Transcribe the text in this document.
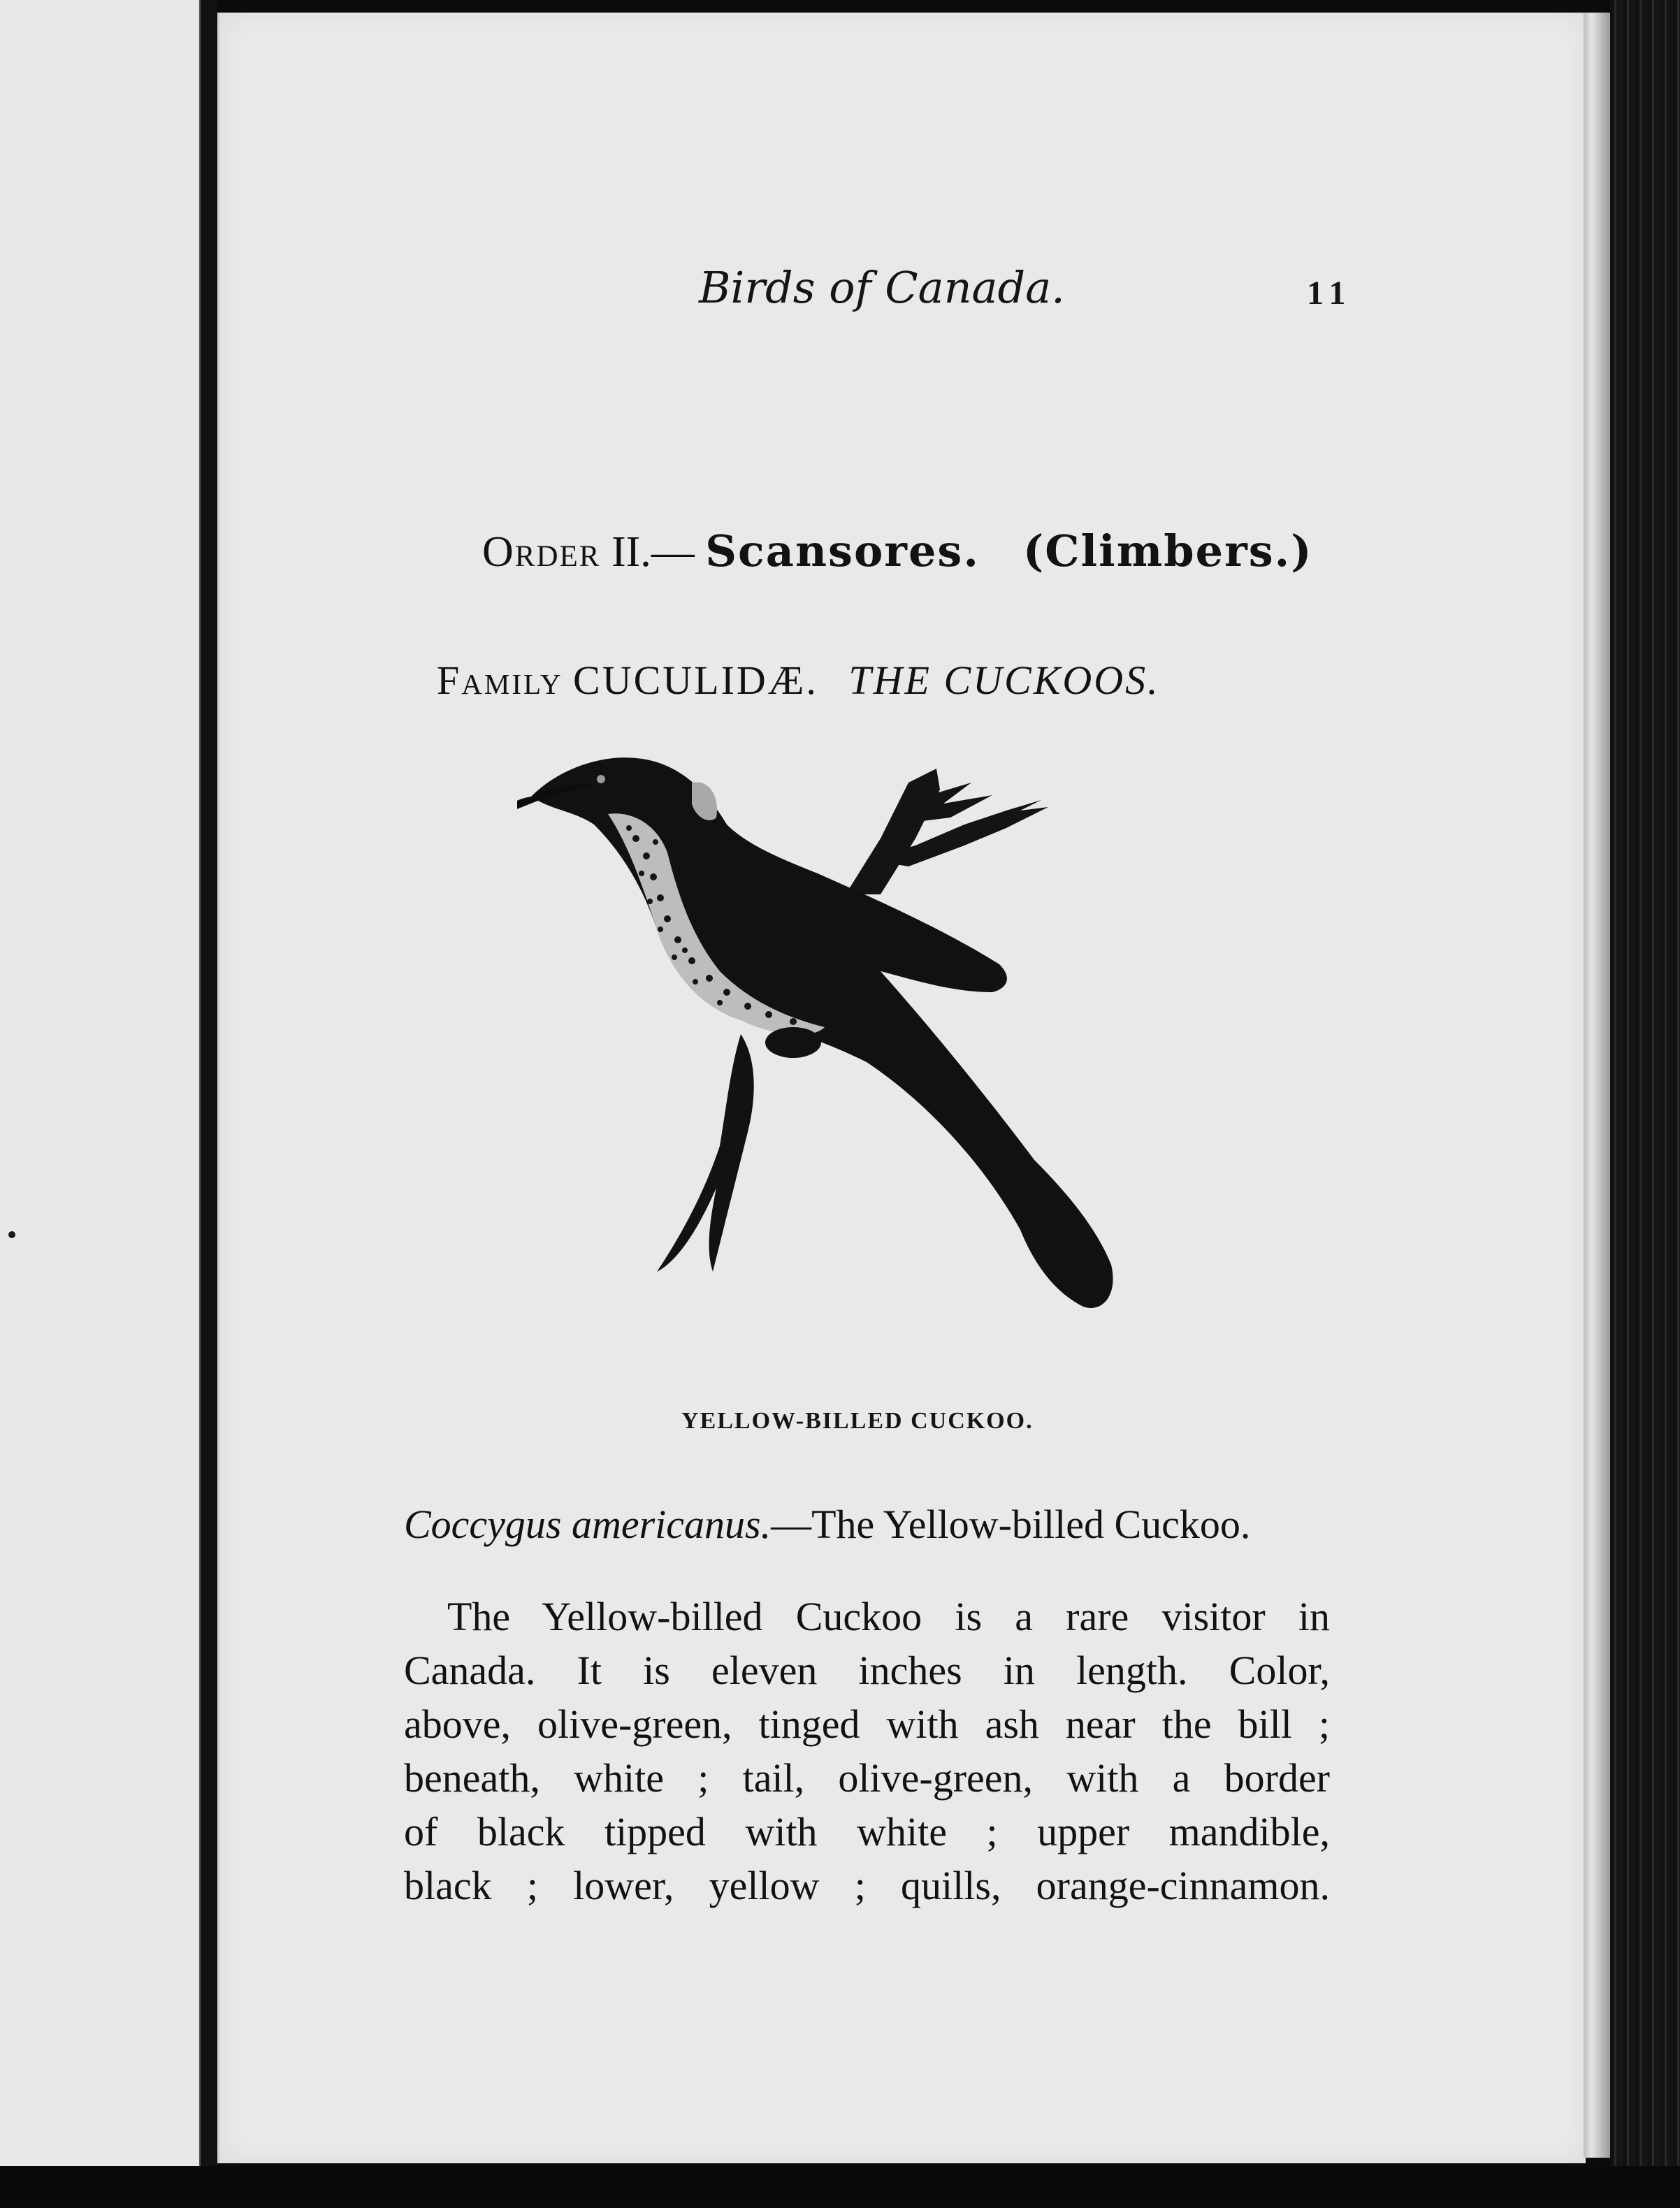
Birds of Canada.	11
Order II.— Scansores. (Climbers.)
Family CUCULIDÆ. THE CUCKOOS.
YELLOW-BILLED CUCKOO.
Coccygus americanus.—The Yellow-billed Cuckoo.
The Yellow-billed Cuckoo is a rare visitor in
Canada. It is eleven inches in length. Color,
above, olive-green, tinged with ash near the bill ;
beneath, white ; tail, olive-green, with a border
of black tipped with white ; upper mandible,
black ; lower, yellow ; quills, orange-cinnamon.
